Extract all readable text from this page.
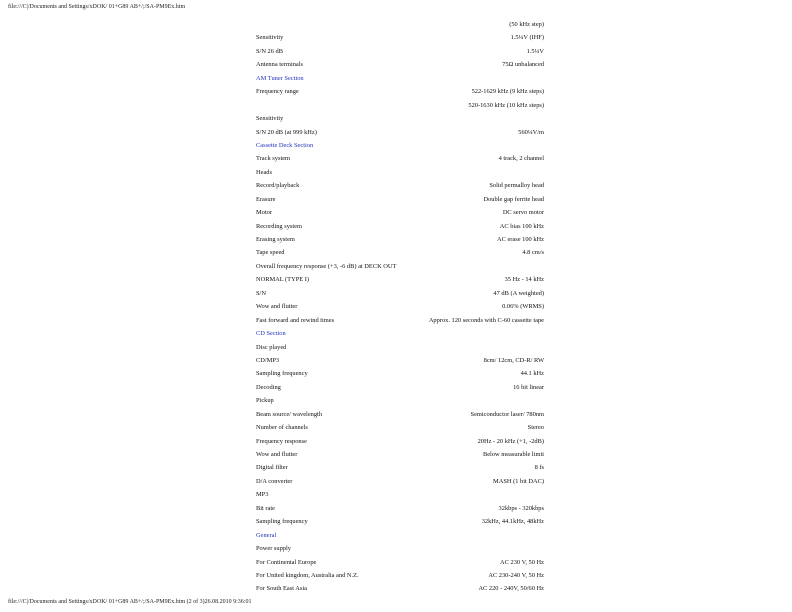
file:///C|/Documents and Settings/xDOK/ 01+G89 AB+/;/SA-PM9Ex.htm
(50 kHz step)
Sensitivity	1.5¼V (IHF)
S/N 26 dB	1.5¼V
Antenna terminals	75Ω unbalanced
AM Tuner Section
Frequency range	522-1629 kHz (9 kHz steps)
520-1630 kHz (10 kHz steps)
Sensitivity
S/N 20 dB (at 999 kHz)	560¼V/m
Cassette Deck Section
Track system	4 track, 2 channel
Heads
Record/playback	Solid permalloy head
Erasure	Double gap ferrite head
Motor	DC servo motor
Recording system	AC bias 100 kHz
Erasing system	AC erase 100 kHz
Tape speed	4.8 cm/s
Overall frequency response (+3, -6 dB) at DECK OUT
NORMAL (TYPE I)	35 Hz - 14 kHz
S/N	47 dB (A weighted)
Wow and flutter	0.06% (WRMS)
Fast forward and rewind times	Approx. 120 seconds with C-60 cassette tape
CD Section
Disc played
CD/MP3	8cm/ 12cm, CD-R/ RW
Sampling frequency	44.1 kHz
Decoding	16 bit linear
Pickup
Beam source/ wavelength	Semiconductor laser/ 780nm
Number of channels	Stereo
Frequency response	20Hz - 20 kHz (+1, -2dB)
Wow and flutter	Below measurable limit
Digital filter	8 fs
D/A converter	MASH (1 bit DAC)
MP3
Bit rate	32kbps - 320kbps
Sampling frequency	32kHz, 44.1kHz, 48kHz
General
Power supply
For Continental Europe	AC 230 V, 50 Hz
For United kingdom, Australia and N.Z.	AC 230-240 V, 50 Hz
For South East Asia	AC 220 - 240V, 50/60 Hz
file:///C|/Documents and Settings/xDOK/ 01+G89 AB+/;/SA-PM9Ex.htm (2 of 3)26.08.2010 9:36:01
